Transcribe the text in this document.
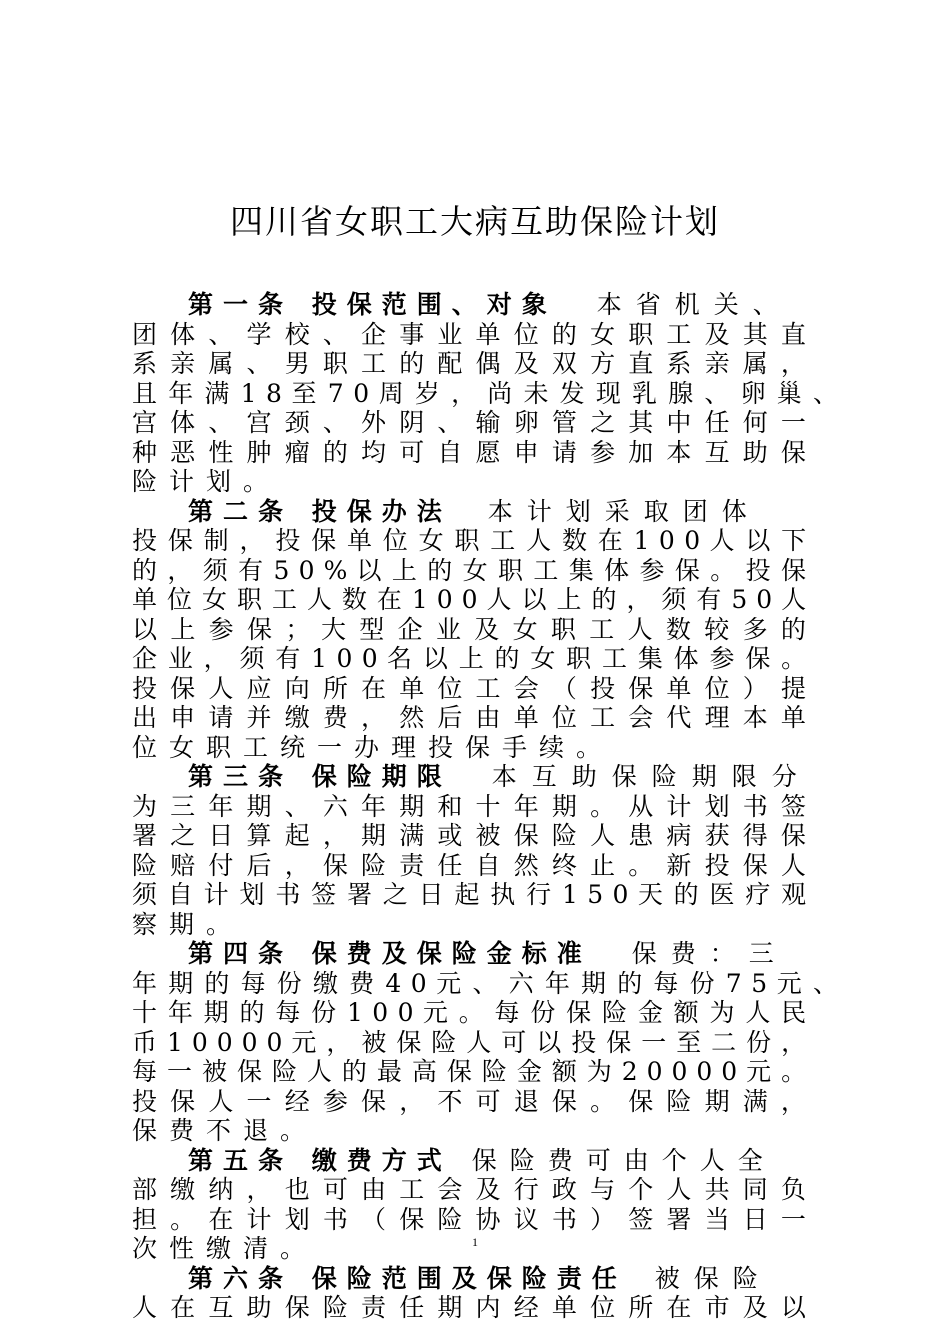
四川省女职工大病互助保险计划
第一条 投保范围、对象 本省机关、
团 体 、 学 校 、 企 事 业 单 位 的 女 职 工 及 其 直
系 亲 属 、 男 职 工 的 配 偶 及 双 方 直 系 亲 属 ，
且 年 满 1 8 至 7 0 周 岁 ， 尚 未 发 现 乳 腺 、 卵 巢 、
宫 体 、 宫 颈 、 外 阴 、 输 卵 管 之 其 中 任 何 一
种 恶 性 肿 瘤 的 均 可 自 愿 申 请 参 加 本 互 助 保
险计划。
第二条 投保办法 本计划采取团体
投 保 制 ， 投 保 单 位 女 职 工 人 数 在 1 0 0 人 以 下
的 ， 须 有 5 0 % 以 上 的 女 职 工 集 体 参 保 。 投 保
单 位 女 职 工 人 数 在 1 0 0 人 以 上 的 ， 须 有 5 0 人
以 上 参 保 ； 大 型 企 业 及 女 职 工 人 数 较 多 的
企 业 ， 须 有 1 0 0 名 以 上 的 女 职 工 集 体 参 保 。
投 保 人 应 向 所 在 单 位 工 会 （ 投 保 单 位 ） 提
出 申 请 并 缴 费 ， 然 后 由 单 位 工 会 代 理 本 单
位女职工统一办理投保手续。
第三条 保险期限 本互助保险期限分
为 三 年 期 、 六 年 期 和 十 年 期 。 从 计 划 书 签
署 之 日 算 起 ， 期 满 或 被 保 险 人 患 病 获 得 保
险 赔 付 后 ， 保 险 责 任 自 然 终 止 。 新 投 保 人
须 自 计 划 书 签 署 之 日 起 执 行 1 5 0 天 的 医 疗 观
察期。
第四条 保费及保险金标准 保费：三
年 期 的 每 份 缴 费 4 0 元 、 六 年 期 的 每 份 7 5 元 、
十 年 期 的 每 份 1 0 0 元 。 每 份 保 险 金 额 为 人 民
币 1 0 0 0 0 元 ， 被 保 险 人 可 以 投 保 一 至 二 份 ，
每 一 被 保 险 人 的 最 高 保 险 金 额 为 2 0 0 0 0 元 。
投 保 人 一 经 参 保 ， 不 可 退 保 。 保 险 期 满 ，
保费不退。
第五条 缴费方式 保险费可由个人全
部 缴 纳 ， 也 可 由 工 会 及 行 政 与 个 人 共 同 负
担 。 在 计 划 书 （ 保 险 协 议 书 ） 签 署 当 日 一
次性缴清。
第六条 保险范围及保险责任 被保险
人 在 互 助 保 险 责 任 期 内 经 单 位 所 在 市 及 以
1
